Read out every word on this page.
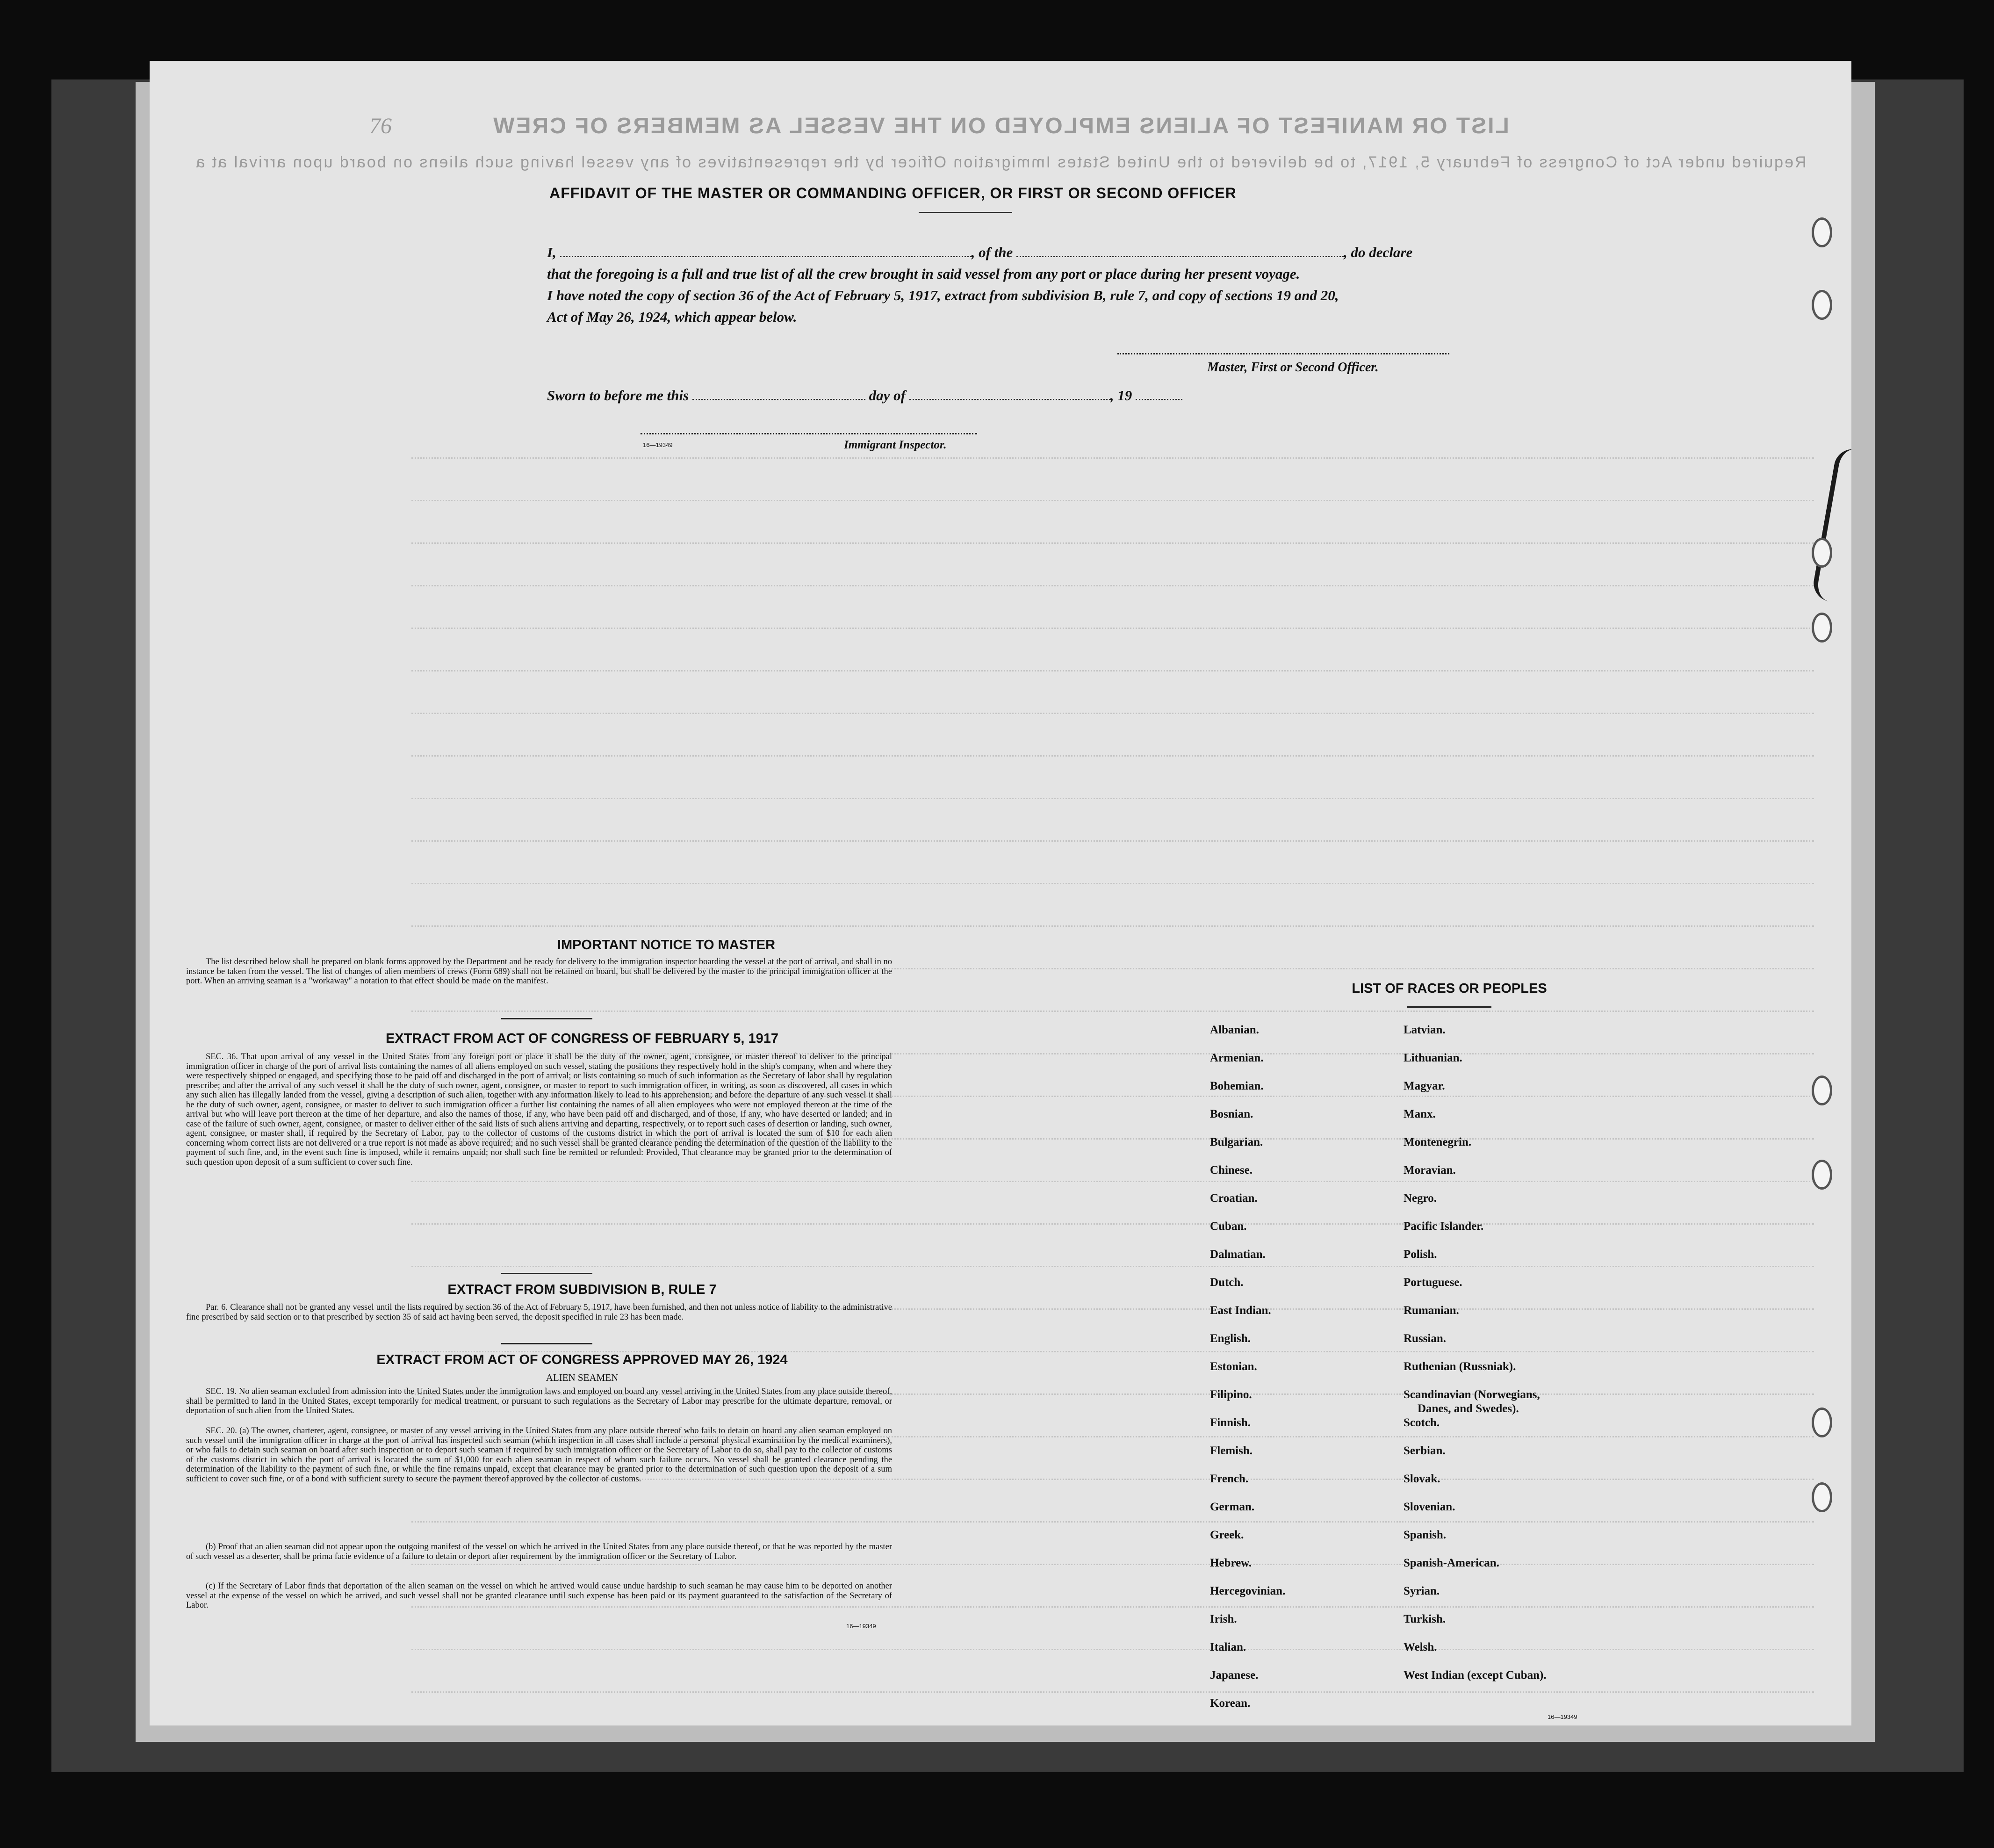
LIST OR MANIFEST OF ALIENS EMPLOYED ON THE VESSEL AS MEMBERS OF CREW
Required under Act of Congress of February 5, 1917, to be delivered to the United States Immigration Officer by the representatives of any vessel having such aliens on board upon arrival at a
76
AFFIDAVIT OF THE MASTER OR COMMANDING OFFICER, OR FIRST OR SECOND OFFICER
I,	, of the	, do declare
that the foregoing is a full and true list of all the crew brought in said vessel from any port or place during her present voyage.
I have noted the copy of section 36 of the Act of February 5, 1917, extract from subdivision B, rule 7, and copy of sections 19 and 20,
Act of May 26, 1924, which appear below.
Master, First or Second Officer.
Sworn to before me this	day of	, 19
16—19349	Immigrant Inspector.
IMPORTANT NOTICE TO MASTER
The list described below shall be prepared on blank forms approved by the Department and be ready for delivery to the immigration inspector boarding the vessel at the port of arrival, and shall in no instance be taken from the vessel. The list of changes of alien members of crews (Form 689) shall not be retained on board, but shall be delivered by the master to the principal immigration officer at the port. When an arriving seaman is a "workaway" a notation to that effect should be made on the manifest.
EXTRACT FROM ACT OF CONGRESS OF FEBRUARY 5, 1917
SEC. 36. That upon arrival of any vessel in the United States from any foreign port or place it shall be the duty of the owner, agent, consignee, or master thereof to deliver to the principal immigration officer in charge of the port of arrival lists containing the names of all aliens employed on such vessel, stating the positions they respectively hold in the ship's company, when and where they were respectively shipped or engaged, and specifying those to be paid off and discharged in the port of arrival; or lists containing so much of such information as the Secretary of labor shall by regulation prescribe; and after the arrival of any such vessel it shall be the duty of such owner, agent, consignee, or master to report to such immigration officer, in writing, as soon as discovered, all cases in which any such alien has illegally landed from the vessel, giving a description of such alien, together with any information likely to lead to his apprehension; and before the departure of any such vessel it shall be the duty of such owner, agent, consignee, or master to deliver to such immigration officer a further list containing the names of all alien employees who were not employed thereon at the time of the arrival but who will leave port thereon at the time of her departure, and also the names of those, if any, who have been paid off and discharged, and of those, if any, who have deserted or landed; and in case of the failure of such owner, agent, consignee, or master to deliver either of the said lists of such aliens arriving and departing, respectively, or to report such cases of desertion or landing, such owner, agent, consignee, or master shall, if required by the Secretary of Labor, pay to the collector of customs of the customs district in which the port of arrival is located the sum of $10 for each alien concerning whom correct lists are not delivered or a true report is not made as above required; and no such vessel shall be granted clearance pending the determination of the question of the liability to the payment of such fine, and, in the event such fine is imposed, while it remains unpaid; nor shall such fine be remitted or refunded: Provided, That clearance may be granted prior to the determination of such question upon deposit of a sum sufficient to cover such fine.
EXTRACT FROM SUBDIVISION B, RULE 7
Par. 6. Clearance shall not be granted any vessel until the lists required by section 36 of the Act of February 5, 1917, have been furnished, and then not unless notice of liability to the administrative fine prescribed by said section or to that prescribed by section 35 of said act having been served, the deposit specified in rule 23 has been made.
EXTRACT FROM ACT OF CONGRESS APPROVED MAY 26, 1924
ALIEN SEAMEN
SEC. 19. No alien seaman excluded from admission into the United States under the immigration laws and employed on board any vessel arriving in the United States from any place outside thereof, shall be permitted to land in the United States, except temporarily for medical treatment, or pursuant to such regulations as the Secretary of Labor may prescribe for the ultimate departure, removal, or deportation of such alien from the United States.
SEC. 20. (a) The owner, charterer, agent, consignee, or master of any vessel arriving in the United States from any place outside thereof who fails to detain on board any alien seaman employed on such vessel until the immigration officer in charge at the port of arrival has inspected such seaman (which inspection in all cases shall include a personal physical examination by the medical examiners), or who fails to detain such seaman on board after such inspection or to deport such seaman if required by such immigration officer or the Secretary of Labor to do so, shall pay to the collector of customs of the customs district in which the port of arrival is located the sum of $1,000 for each alien seaman in respect of whom such failure occurs. No vessel shall be granted clearance pending the determination of the liability to the payment of such fine, or while the fine remains unpaid, except that clearance may be granted prior to the determination of such question upon the deposit of a sum sufficient to cover such fine, or of a bond with sufficient surety to secure the payment thereof approved by the collector of customs.
(b) Proof that an alien seaman did not appear upon the outgoing manifest of the vessel on which he arrived in the United States from any place outside thereof, or that he was reported by the master of such vessel as a deserter, shall be prima facie evidence of a failure to detain or deport after requirement by the immigration officer or the Secretary of Labor.
(c) If the Secretary of Labor finds that deportation of the alien seaman on the vessel on which he arrived would cause undue hardship to such seaman he may cause him to be deported on another vessel at the expense of the vessel on which he arrived, and such vessel shall not be granted clearance until such expense has been paid or its payment guaranteed to the satisfaction of the Secretary of Labor.
16—19349
LIST OF RACES OR PEOPLES
16—19349
Albanian.
Armenian.
Bohemian.
Bosnian.
Bulgarian.
Chinese.
Croatian.
Cuban.
Dalmatian.
Dutch.
East Indian.
English.
Estonian.
Filipino.
Finnish.
Flemish.
French.
German.
Greek.
Hebrew.
Hercegovinian.
Irish.
Italian.
Japanese.
Korean.
Latvian.
Lithuanian.
Magyar.
Manx.
Montenegrin.
Moravian.
Negro.
Pacific Islander.
Polish.
Portuguese.
Rumanian.
Russian.
Ruthenian (Russniak).
Scandinavian (Norwegians,
Danes, and Swedes).
Scotch.
Serbian.
Slovak.
Slovenian.
Spanish.
Spanish-American.
Syrian.
Turkish.
Welsh.
West Indian (except Cuban).
